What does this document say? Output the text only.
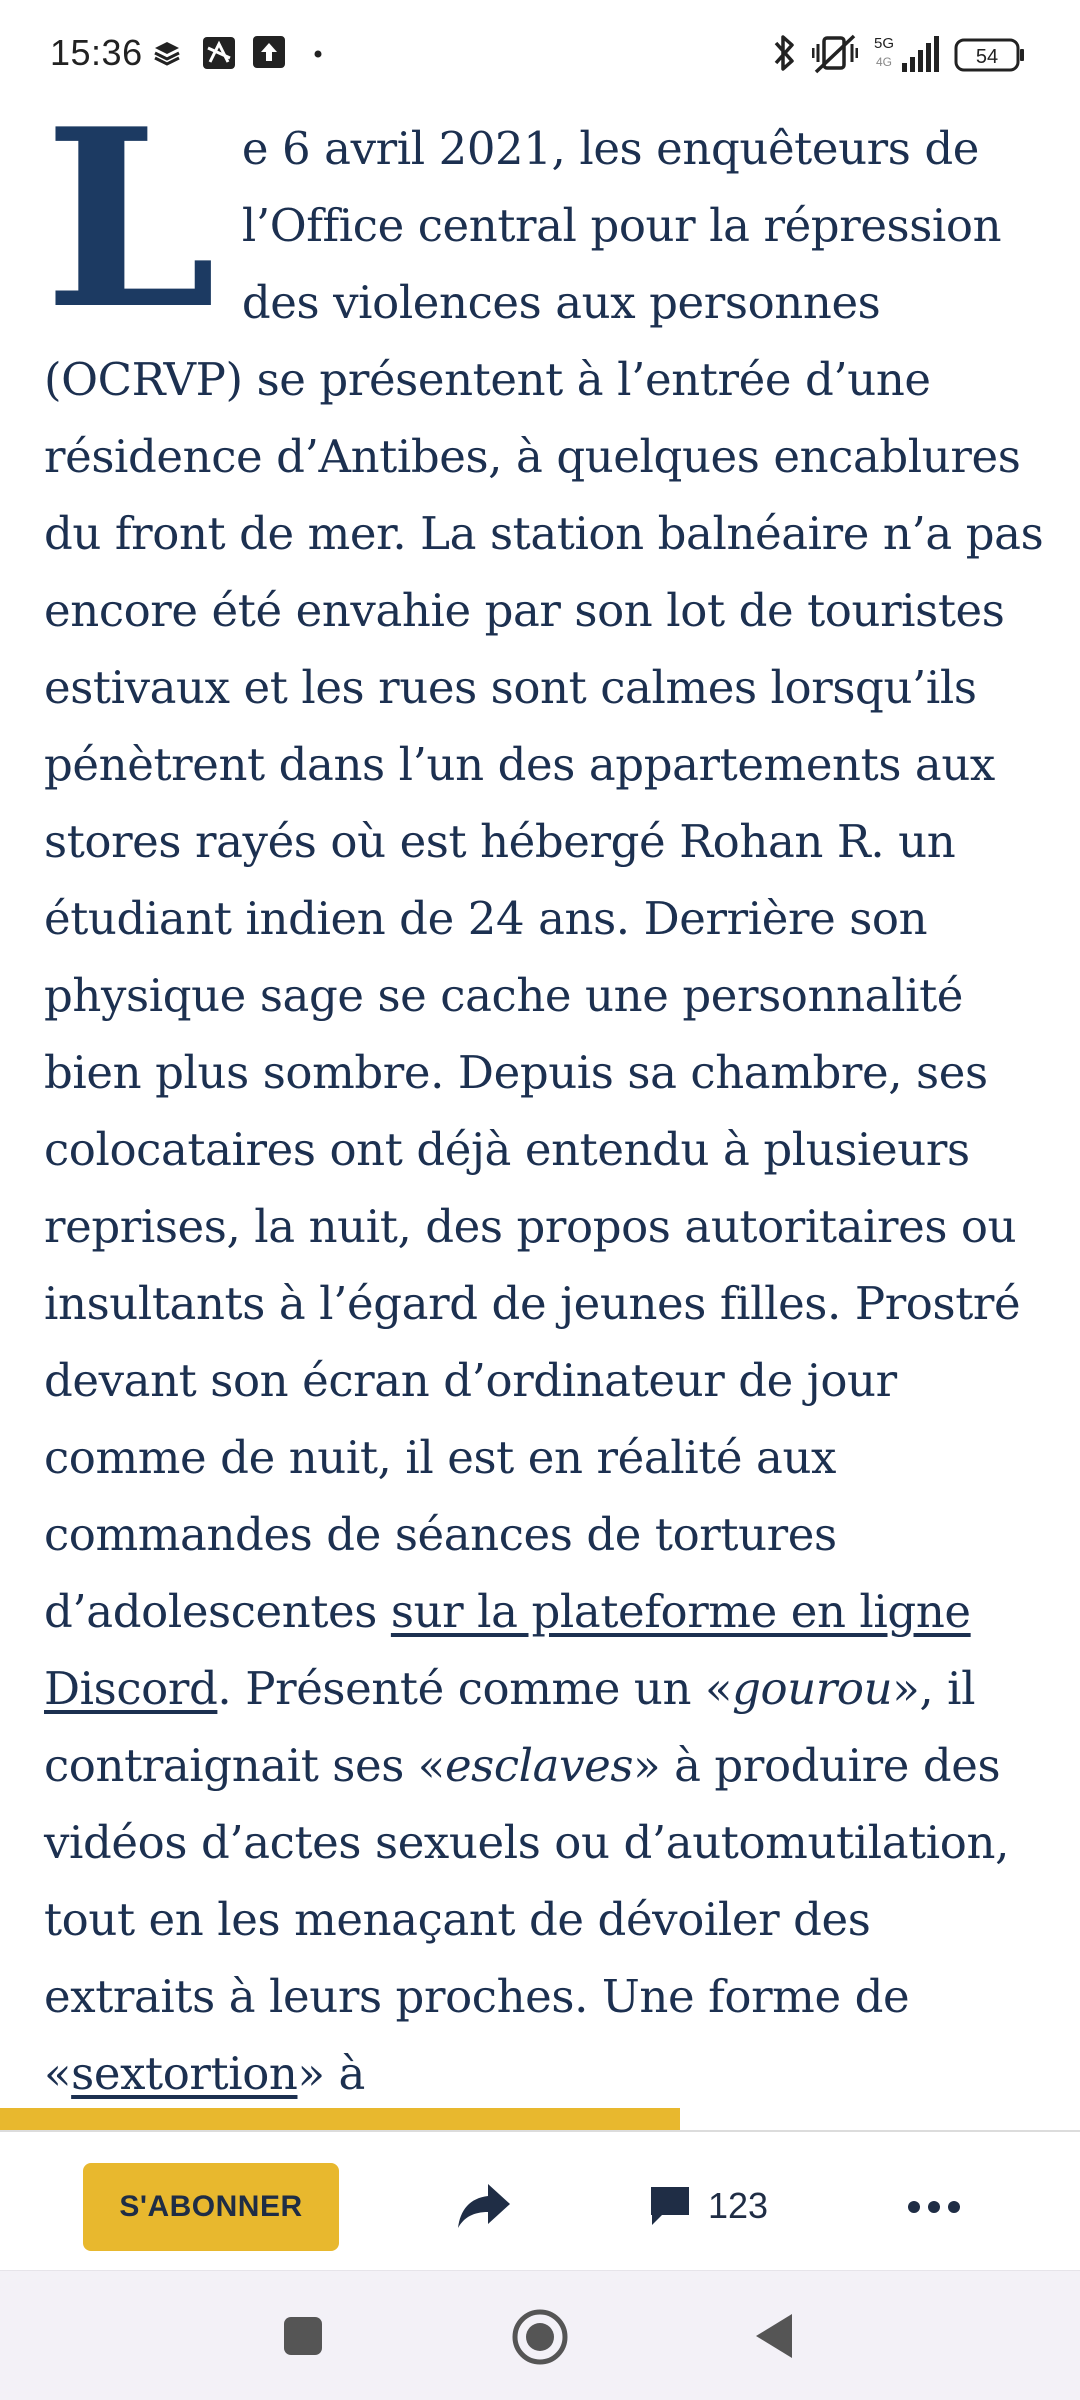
15:36	5G
4G	54
Le 6 avril 2021, les enquêteurs de l’Office central pour la répression des violences aux personnes (OCRVP) se présentent à l’entrée d’une résidence d’Antibes, à quelques encablures du front de mer. La station balnéaire n’a pas encore été envahie par son lot de touristes estivaux et les rues sont calmes lorsqu’ils pénètrent dans l’un des appartements aux stores rayés où est hébergé Rohan R. un étudiant indien de 24 ans. Derrière son physique sage se cache une personnalité bien plus sombre. Depuis sa chambre, ses colocataires ont déjà entendu à plusieurs reprises, la nuit, des propos autoritaires ou insultants à l’égard de jeunes filles. Prostré devant son écran d’ordinateur de jour comme de nuit, il est en réalité aux commandes de séances de tortures d’adolescentes sur la plateforme en ligne Discord. Présenté comme un «gourou», il contraignait ses «esclaves» à produire des vidéos d’actes sexuels ou d’automutilation, tout en les menaçant de dévoiler des extraits à leurs proches. Une forme de «sextortion» à
S'ABONNER	123
